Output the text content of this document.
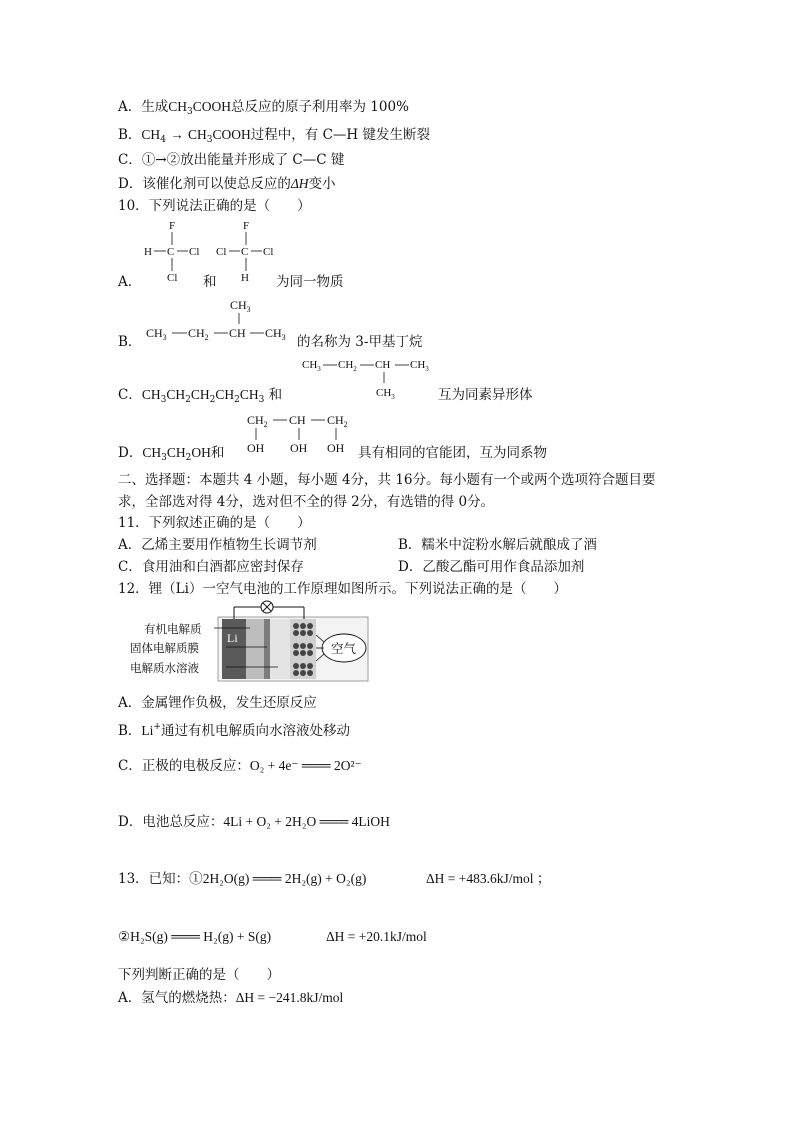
A．生成$CH_3COOH$总反应的原子利用率为 100%
B．$CH_4$ → $CH_3COOH$过程中，有 C—H 键发生断裂
C．①→②放出能量并形成了 C—C 键
D．该催化剂可以使总反应的ΔH变小
10．下列说法正确的是（　　）
F
H C Cl
Cl
F
Cl C Cl
H
A．	和	为同一物质
$CH_3$
$CH_3$ $CH_2$ CH $CH_3$
B．	的名称为 3-甲基丁烷
$CH_3$ $CH_2$ CH $CH_3$
$CH_3$
C．$CH_3CH_2CH_2CH_2CH_3$ 和	互为同素异形体
$CH_2$ CH $CH_2$
OH OH OH
D．$CH_3CH_2OH$和	具有相同的官能团，互为同系物
二、选择题：本题共 4 小题，每小题 4分，共 16分。每小题有一个或两个选项符合题目要
求，全部选对得 4分，选对但不全的得 2分，有选错的得 0分。
11．下列叙述正确的是（　　）
A．乙烯主要用作植物生长调节剂	B．糯米中淀粉水解后就酿成了酒
C．食用油和白酒都应密封保存	D．乙酸乙酯可用作食品添加剂
12．锂（Li）一空气电池的工作原理如图所示。下列说法正确的是（　　）
有机电解质
固体电解质膜
电解质水溶液
Li
空气
A．金属锂作负极，发生还原反应
B．Li+通过有机电解质向水溶液处移动
C．正极的电极反应：O₂ + 4e⁻ ═══ 2O²⁻
D．电池总反应：4Li + O₂ + 2H₂O ═══ 4LiOH
13．已知：①2H₂O(g) ═══ 2H₂(g) + O₂(g)	ΔH = +483.6kJ/mol ；
②H₂S(g) ═══ H₂(g) + S(g)	ΔH = +20.1kJ/mol
下列判断正确的是（　　）
A．氢气的燃烧热：ΔH = −241.8kJ/mol
